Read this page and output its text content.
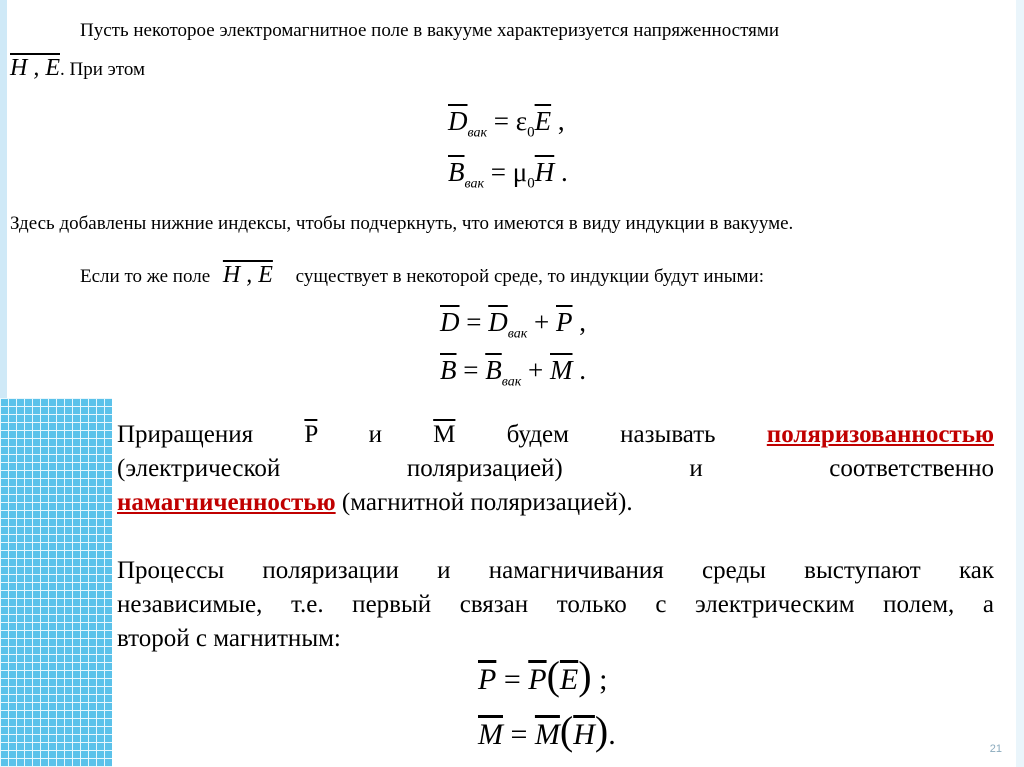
Пусть некоторое электромагнитное поле в вакууме характеризуется напряженностями
H , E. При этом
$\overline{D}_{вак} = \varepsilon_0\overline{E}$ ,
$\overline{B}_{вак} = \mu_0\overline{H}$ .
Здесь добавлены нижние индексы, чтобы подчеркнуть, что имеются в виду индукции в вакууме.
Если то же поле H , E существует в некоторой среде, то индукции будут иными:
$\overline{D} = \overline{D}_{вак} + \overline{P}$ ,
$\overline{B} = \overline{B}_{вак} + \overline{M}$ .

Приращения $\overline{P}$ и $\overline{M}$ будем называть поляризованностью

(электрической поляризацией) и соответственно

намагниченностью (магнитной поляризацией).

Процессы поляризации и намагничивания среды выступают как

независимые, т.е. первый связан только с электрическим полем, а

второй с магнитным:

$\overline{P} = \overline{P}(\overline{E})$ ;
$\overline{M} = \overline{M}(\overline{H})$.	21
